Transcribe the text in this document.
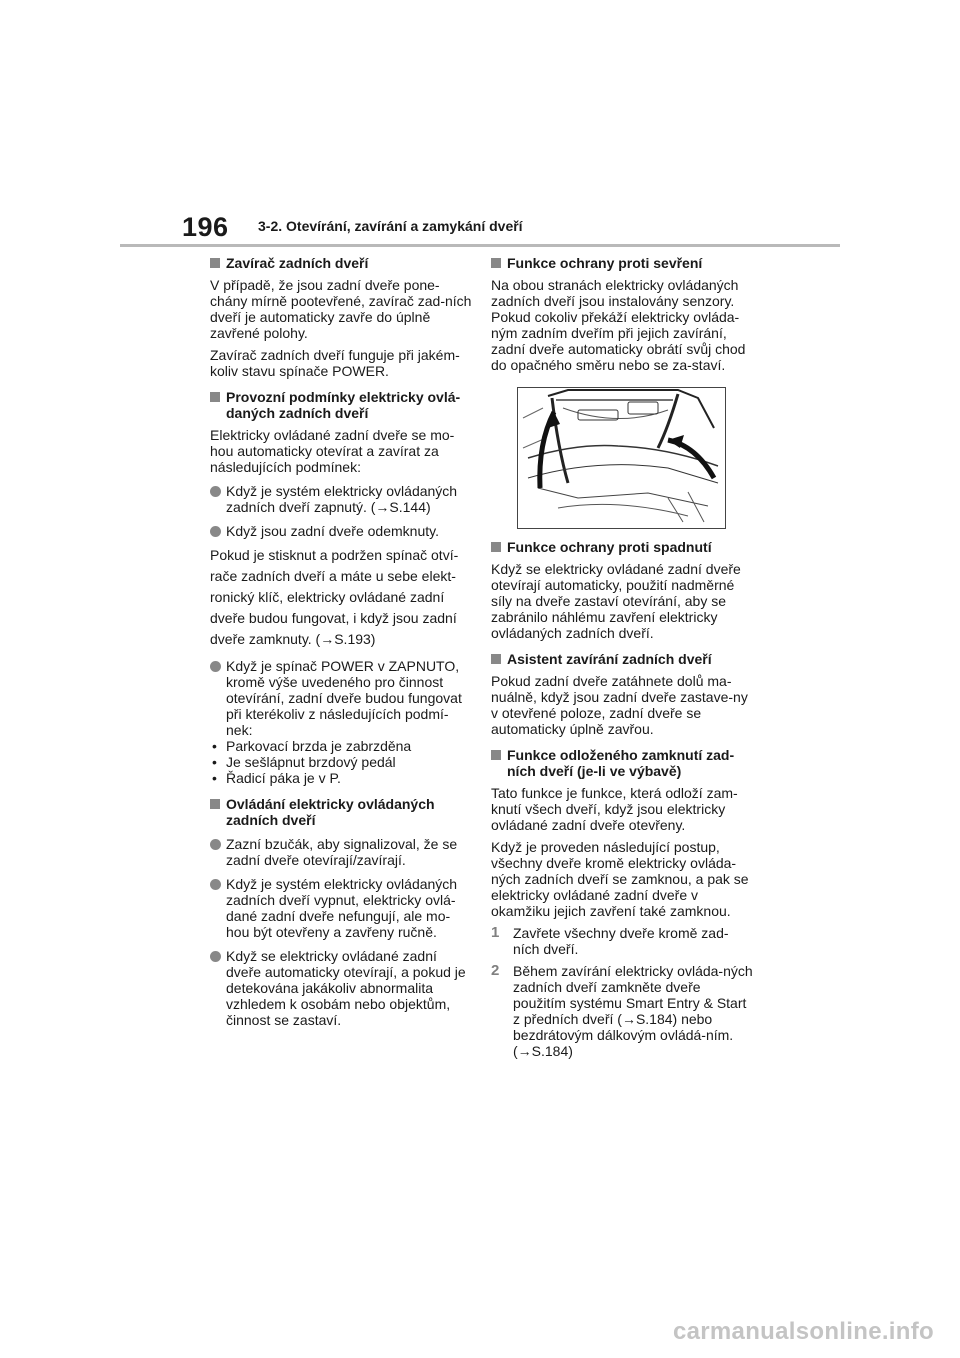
196 3-2. Otevírání, zavírání a zamykání dveří
Zavírač zadních dveří
V případě, že jsou zadní dveře pone-chány mírně pootevřené, zavírač zad-ních dveří je automaticky zavře do úplně zavřené polohy.
Zavírač zadních dveří funguje při jakém-koliv stavu spínače POWER.
Provozní podmínky elektricky ovlá-daných zadních dveří
Elektricky ovládané zadní dveře se mo-hou automaticky otevírat a zavírat za následujících podmínek:
Když je systém elektricky ovládaných zadních dveří zapnutý. (→S.144)
Když jsou zadní dveře odemknuty.
Pokud je stisknut a podržen spínač otví-rače zadních dveří a máte u sebe elekt-ronický klíč, elektricky ovládané zadní dveře budou fungovat, i když jsou zadní dveře zamknuty. (→S.193)
Když je spínač POWER v ZAPNUTO, kromě výše uvedeného pro činnost otevírání, zadní dveře budou fungovat při kterékoliv z následujících podmí-nek:
• Parkovací brzda je zabrzděna
• Je sešlápnut brzdový pedál
• Řadicí páka je v P.
Ovládání elektricky ovládaných zadních dveří
Zazní bzučák, aby signalizoval, že se zadní dveře otevírají/zavírají.
Když je systém elektricky ovládaných zadních dveří vypnut, elektricky ovlá-dané zadní dveře nefungují, ale mo-hou být otevřeny a zavřeny ručně.
Když se elektricky ovládané zadní dveře automaticky otevírají, a pokud je detekována jakákoliv abnormalita vzhledem k osobám nebo objektům, činnost se zastaví.
Funkce ochrany proti sevření
Na obou stranách elektricky ovládaných zadních dveří jsou instalovány senzory. Pokud cokoliv překáží elektricky ovláda-ným zadním dveřím při jejich zavírání, zadní dveře automaticky obrátí svůj chod do opačného směru nebo se za-staví.
Funkce ochrany proti spadnutí
Když se elektricky ovládané zadní dveře otevírají automaticky, použití nadměrné síly na dveře zastaví otevírání, aby se zabránilo náhlému zavření elektricky ovládaných zadních dveří.
Asistent zavírání zadních dveří
Pokud zadní dveře zatáhnete dolů ma-nuálně, když jsou zadní dveře zastave-ny v otevřené poloze, zadní dveře se automaticky úplně zavřou.
Funkce odloženého zamknutí zad-ních dveří (je-li ve výbavě)
Tato funkce je funkce, která odloží zam-knutí všech dveří, když jsou elektricky ovládané zadní dveře otevřeny.
Když je proveden následující postup, všechny dveře kromě elektricky ovláda-ných zadních dveří se zamknou, a pak se elektricky ovládané zadní dveře v okamžiku jejich zavření také zamknou.
1 Zavřete všechny dveře kromě zad-ních dveří.
2 Během zavírání elektricky ovláda-ných zadních dveří zamkněte dveře použitím systému Smart Entry & Start z předních dveří (→S.184) nebo bezdrátovým dálkovým ovládá-ním. (→S.184)
carmanualsonline.info
